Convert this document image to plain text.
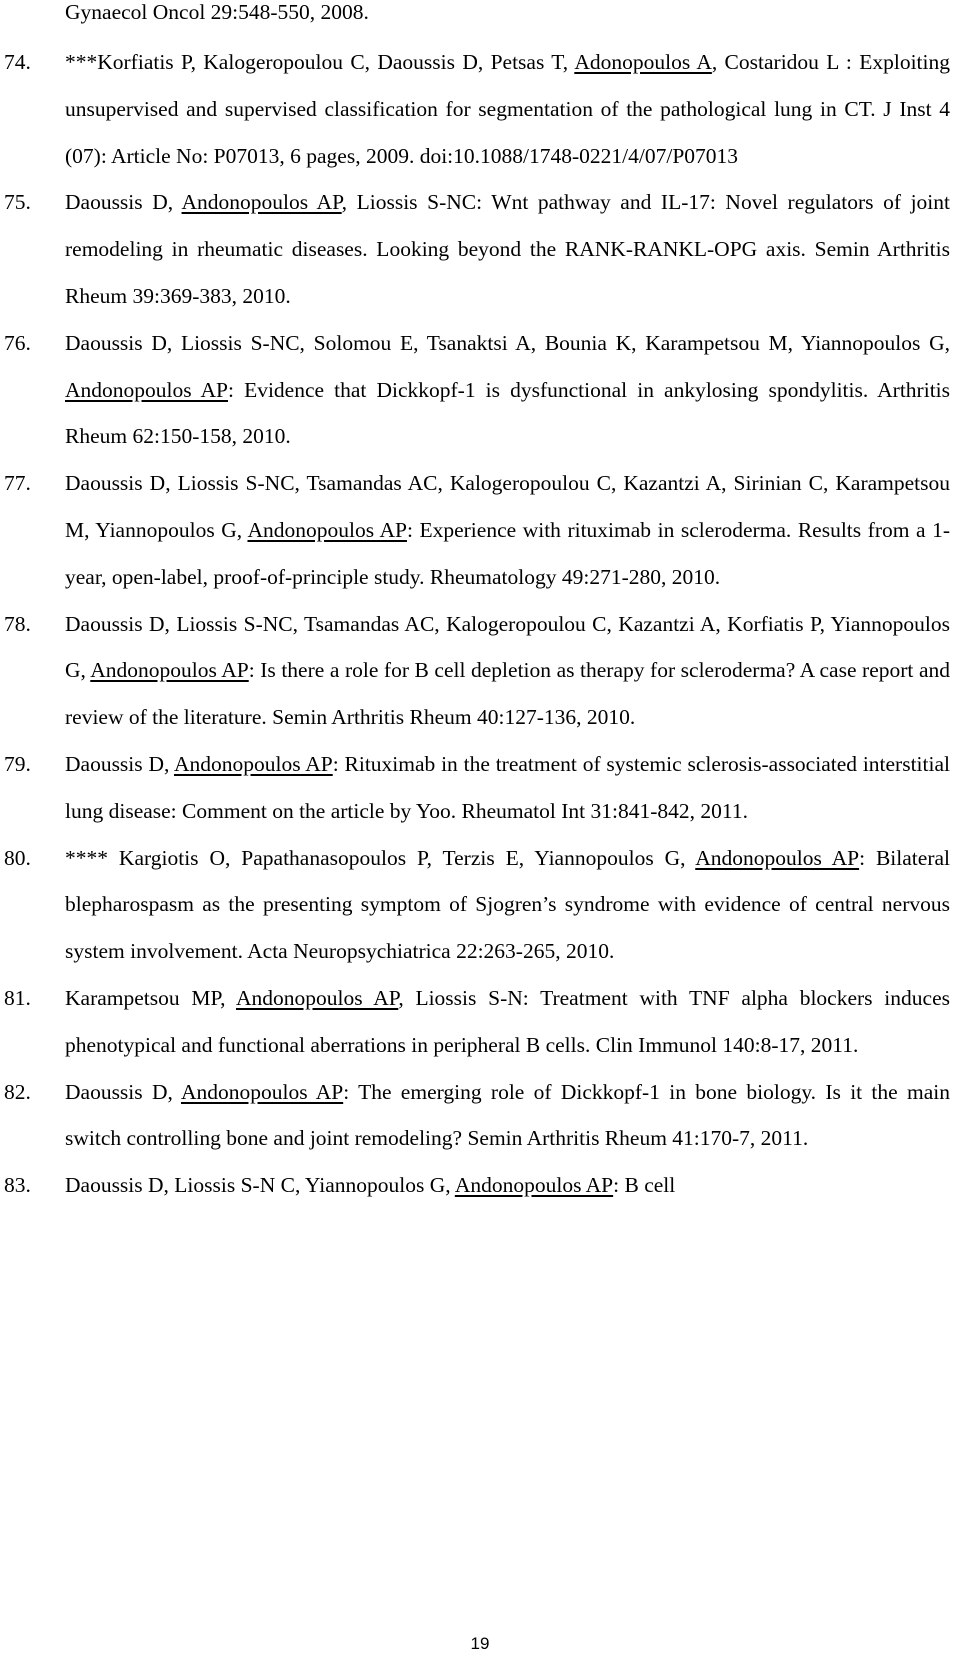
Gynaecol Oncol 29:548-550, 2008.
74. ***Korfiatis P, Kalogeropoulou C, Daoussis D, Petsas T, Adonopoulos A, Costaridou L : Exploiting unsupervised and supervised classification for segmentation of the pathological lung in CT. J Inst 4 (07): Article No: P07013, 6 pages, 2009. doi:10.1088/1748-0221/4/07/P07013
75. Daoussis D, Andonopoulos AP, Liossis S-NC: Wnt pathway and IL-17: Novel regulators of joint remodeling in rheumatic diseases. Looking beyond the RANK-RANKL-OPG axis. Semin Arthritis Rheum 39:369-383, 2010.
76. Daoussis D, Liossis S-NC, Solomou E, Tsanaktsi A, Bounia K, Karampetsou M, Yiannopoulos G, Andonopoulos AP: Evidence that Dickkopf-1 is dysfunctional in ankylosing spondylitis. Arthritis Rheum 62:150-158, 2010.
77. Daoussis D, Liossis S-NC, Tsamandas AC, Kalogeropoulou C, Kazantzi A, Sirinian C, Karampetsou M, Yiannopoulos G, Andonopoulos AP: Experience with rituximab in scleroderma. Results from a 1-year, open-label, proof-of-principle study. Rheumatology 49:271-280, 2010.
78. Daoussis D, Liossis S-NC, Tsamandas AC, Kalogeropoulou C, Kazantzi A, Korfiatis P, Yiannopoulos G, Andonopoulos AP: Is there a role for B cell depletion as therapy for scleroderma? A case report and review of the literature. Semin Arthritis Rheum 40:127-136, 2010.
79. Daoussis D, Andonopoulos AP: Rituximab in the treatment of systemic sclerosis-associated interstitial lung disease: Comment on the article by Yoo. Rheumatol Int 31:841-842, 2011.
80. **** Kargiotis O, Papathanasopoulos P, Terzis E, Yiannopoulos G, Andonopoulos AP: Bilateral blepharospasm as the presenting symptom of Sjogren’s syndrome with evidence of central nervous system involvement. Acta Neuropsychiatrica 22:263-265, 2010.
81. Karampetsou MP, Andonopoulos AP, Liossis S-N: Treatment with TNF alpha blockers induces phenotypical and functional aberrations in peripheral B cells. Clin Immunol 140:8-17, 2011.
82. Daoussis D, Andonopoulos AP: The emerging role of Dickkopf-1 in bone biology. Is it the main switch controlling bone and joint remodeling? Semin Arthritis Rheum 41:170-7, 2011.
83. Daoussis D, Liossis S-N C, Yiannopoulos G, Andonopoulos AP: B cell
19
